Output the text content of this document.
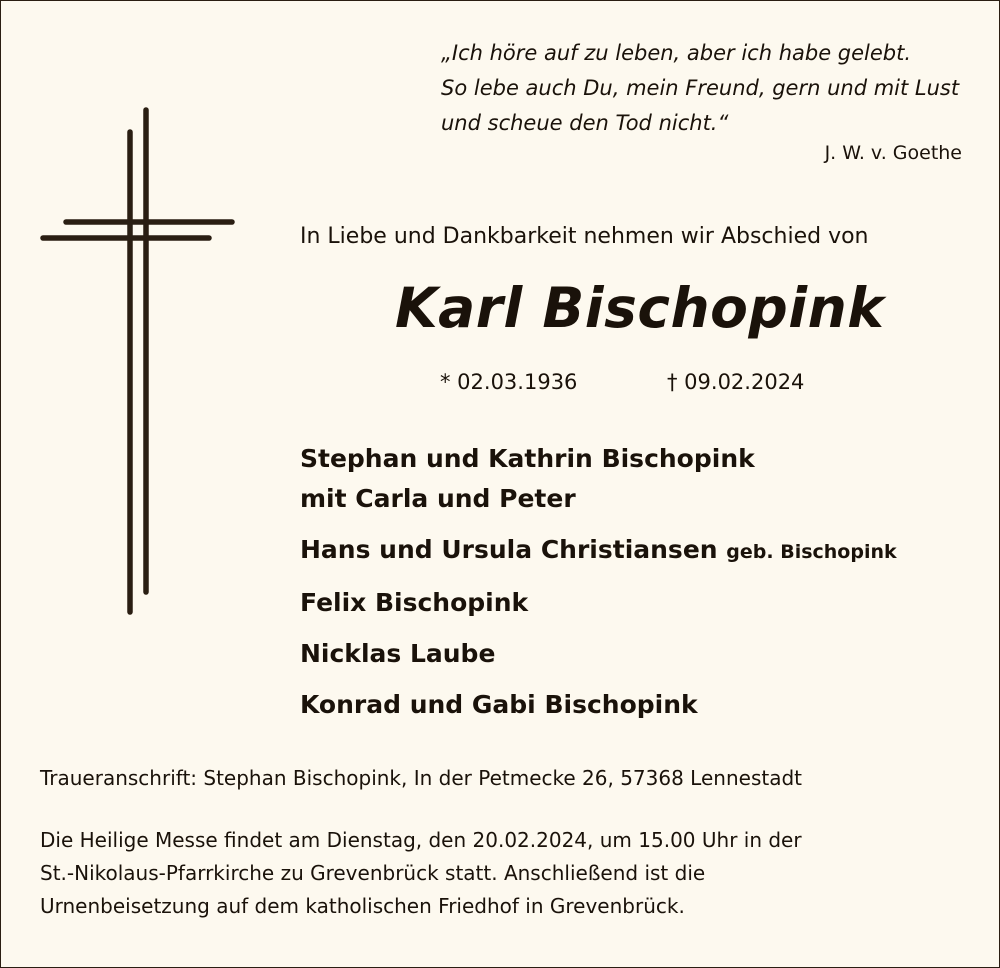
„Ich höre auf zu leben, aber ich habe gelebt.
So lebe auch Du, mein Freund, gern und mit Lust
und scheue den Tod nicht.“
J. W. v. Goethe
In Liebe und Dankbarkeit nehmen wir Abschied von
Karl Bischopink
* 02.03.1936	† 09.02.2024
Stephan und Kathrin Bischopink
mit Carla und Peter
Hans und Ursula Christiansen geb. Bischopink
Felix Bischopink
Nicklas Laube
Konrad und Gabi Bischopink
Traueranschrift: Stephan Bischopink, In der Petmecke 26, 57368 Lennestadt
Die Heilige Messe findet am Dienstag, den 20.02.2024, um 15.00 Uhr in der
St.-Nikolaus-Pfarrkirche zu Grevenbrück statt. Anschließend ist die
Urnenbeisetzung auf dem katholischen Friedhof in Grevenbrück.
